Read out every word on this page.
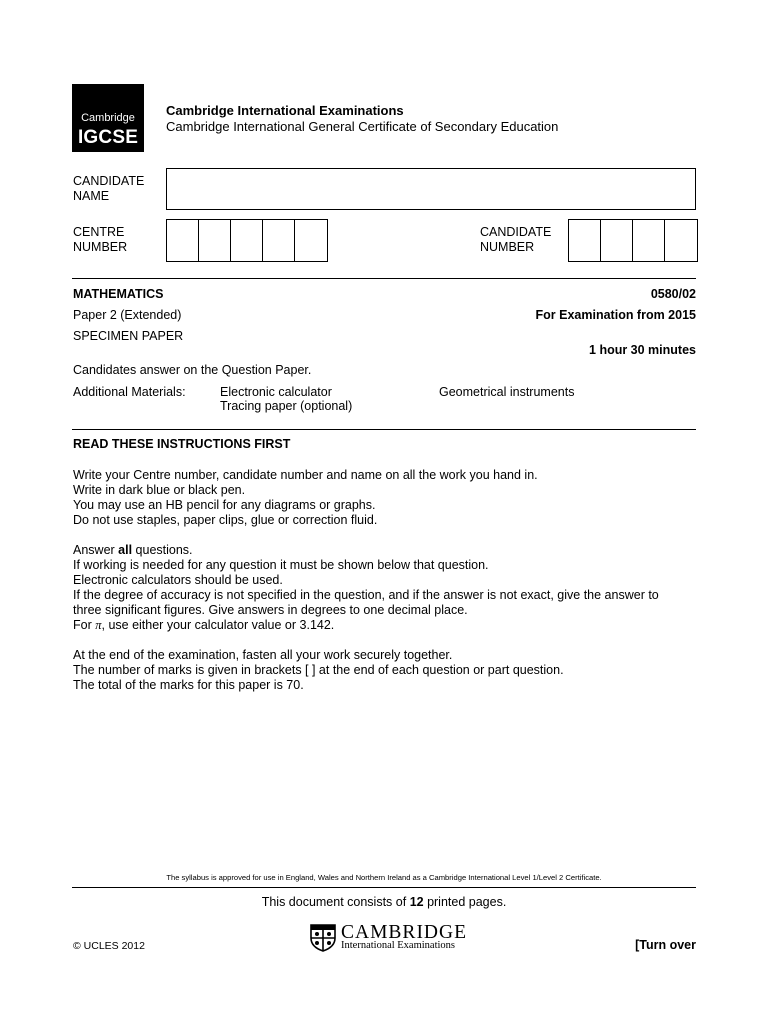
Cambridge
IGCSE
Cambridge International Examinations
Cambridge International General Certificate of Secondary Education
CANDIDATE
NAME
CENTRE
NUMBER
CANDIDATE
NUMBER
MATHEMATICS	0580/02
Paper 2 (Extended)	For Examination from 2015
SPECIMEN PAPER
1 hour 30 minutes
Candidates answer on the Question Paper.
Additional Materials:	Electronic calculator
Tracing paper (optional)
Geometrical instruments
READ THESE INSTRUCTIONS FIRST

Write your Centre number, candidate number and name on all the work you hand in.

Write in dark blue or black pen.

You may use an HB pencil for any diagrams or graphs.

Do not use staples, paper clips, glue or correction fluid.

Answer all questions.

If working is needed for any question it must be shown below that question.

Electronic calculators should be used.

If the degree of accuracy is not specified in the question, and if the answer is not exact, give the answer to

three significant figures. Give answers in degrees to one decimal place.

For π, use either your calculator value or 3.142.

At the end of the examination, fasten all your work securely together.

The number of marks is given in brackets [ ] at the end of each question or part question.

The total of the marks for this paper is 70.

The syllabus is approved for use in England, Wales and Northern Ireland as a Cambridge International Level 1/Level 2 Certificate.
This document consists of 12 printed pages.
© UCLES 2012
CAMBRIDGE
International Examinations	[Turn over
